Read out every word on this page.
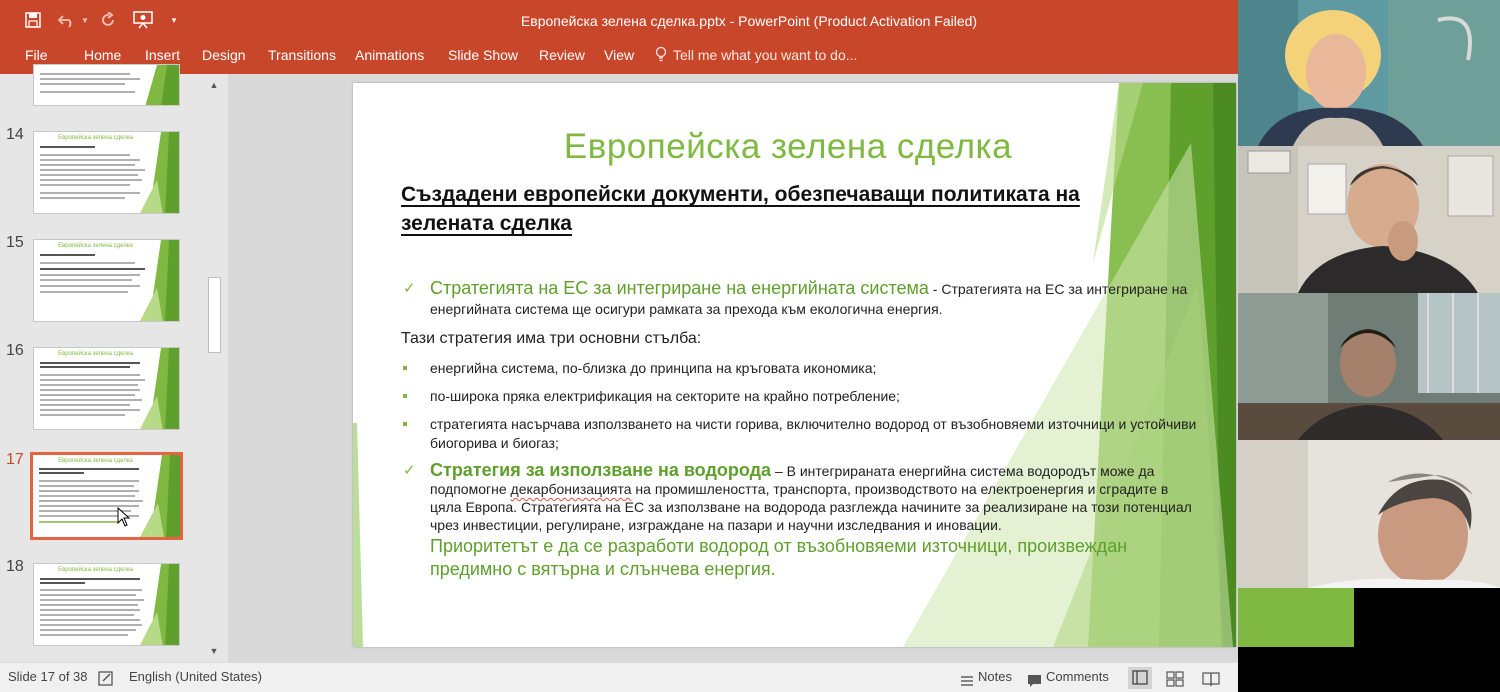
▼	▾	Европейска зелена сделка.pptx - PowerPoint (Product Activation Failed)
File	Home Insert Design Transitions Animations Slide Show Review View	Tell me what you want to do...
14	Европейска зелена сделка
15	Европейска зелена сделка
16	Европейска зелена сделка
17	Европейска зелена сделка
18	Европейска зелена сделка
▲
▼
Европейска зелена сделка
Създадени европейски документи, обезпечаващи политиката на зелената сделка
✓ Стратегията на ЕС за интегриране на енергийната система - Стратегията на ЕС за интегриране на енергийната система ще осигури рамката за прехода към екологична енергия.
Тази стратегия има три основни стълба:
енергийна система, по-близка до принципа на кръговата икономика;
по-широка пряка електрификация на секторите на крайно потребление;
стратегията насърчава използването на чисти горива, включително водород от възобновяеми източници и устойчиви биогорива и биогаз;
✓ Стратегия за използване на водорода – В интегрираната енергийна система водородът може да подпомогне декарбонизацията на промишлеността, транспорта, производството на електроенергия и сградите в цяла Европа. Стратегията на ЕС за използване на водорода разглежда начините за реализиране на този потенциал чрез инвестиции, регулиране, изграждане на пазари и научни изследвания и иновации.
Приоритетът е да се разработи водород от възобновяеми източници, произвеждан предимно с вятърна и слънчева енергия.
Slide 17 of 38	English (United States)	Notes	Comments
